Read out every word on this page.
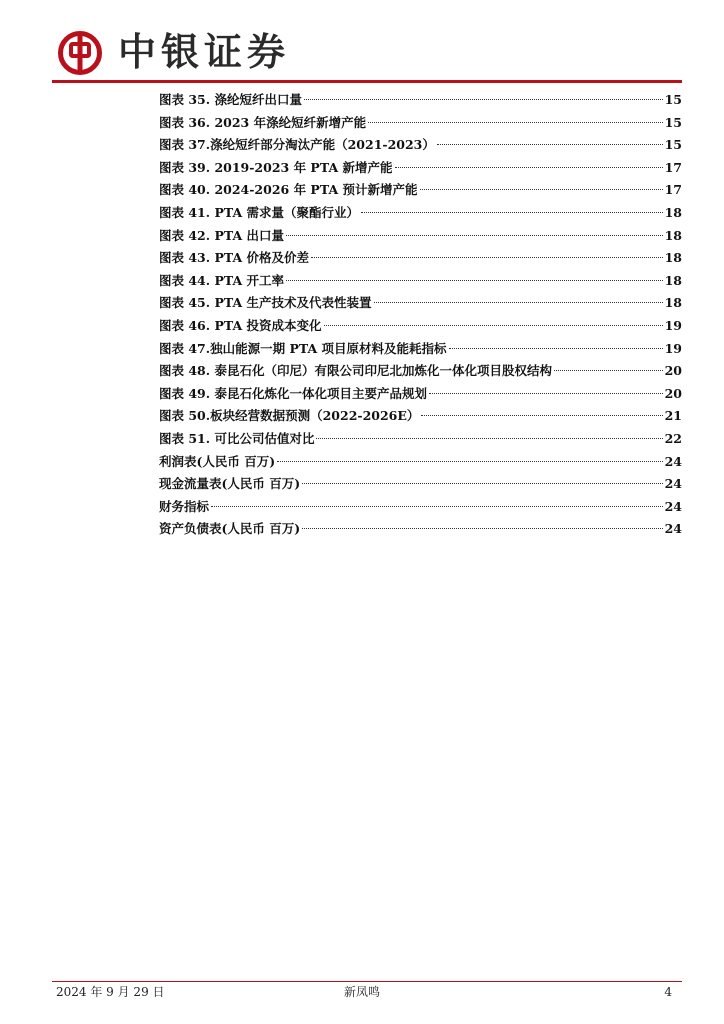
中银证券
图表 35. 涤纶短纤出口量	15
图表 36. 2023 年涤纶短纤新增产能	15
图表 37.涤纶短纤部分淘汰产能（2021-2023）	15
图表 39. 2019-2023 年 PTA 新增产能	17
图表 40. 2024-2026 年 PTA 预计新增产能	17
图表 41. PTA 需求量（聚酯行业）	18
图表 42. PTA 出口量	18
图表 43. PTA 价格及价差	18
图表 44. PTA 开工率	18
图表 45. PTA 生产技术及代表性装置	18
图表 46. PTA 投资成本变化	19
图表 47.独山能源一期 PTA 项目原材料及能耗指标	19
图表 48. 泰昆石化（印尼）有限公司印尼北加炼化一体化项目股权结构	20
图表 49. 泰昆石化炼化一体化项目主要产品规划	20
图表 50.板块经营数据预测（2022-2026E）	21
图表 51. 可比公司估值对比	22
利润表(人民币 百万)	24
现金流量表(人民币 百万)	24
财务指标	24
资产负债表(人民币 百万)	24
2024 年 9 月 29 日	新凤鸣	4
